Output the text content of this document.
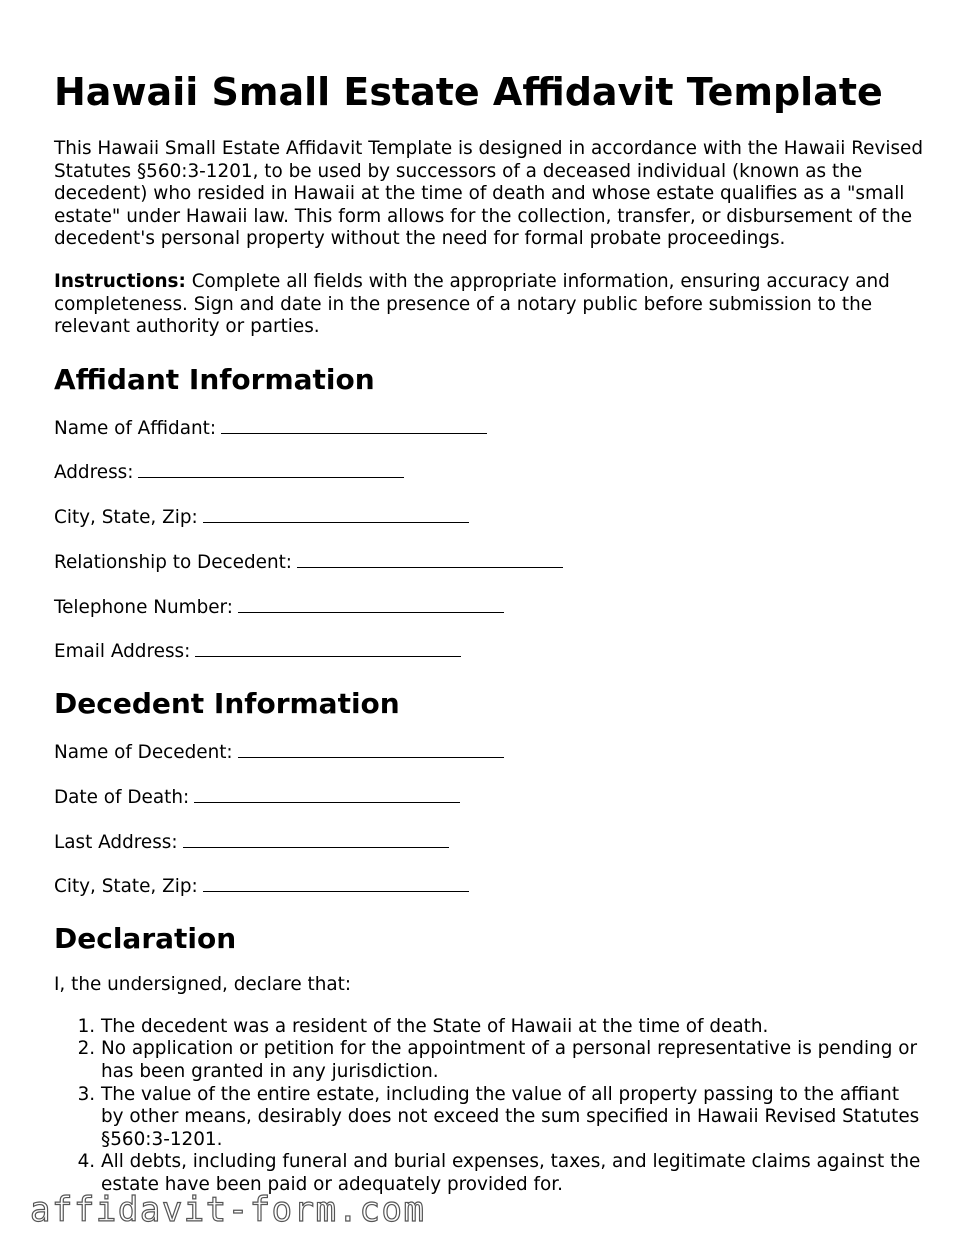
Hawaii Small Estate Affidavit Template

This Hawaii Small Estate Affidavit Template is designed in accordance with the Hawaii Revised Statutes §560:3-1201, to be used by successors of a deceased individual (known as the decedent) who resided in Hawaii at the time of death and whose estate qualifies as a "small estate" under Hawaii law. This form allows for the collection, transfer, or disbursement of the decedent's personal property without the need for formal probate proceedings.

Instructions: Complete all fields with the appropriate information, ensuring accuracy and completeness. Sign and date in the presence of a notary public before submission to the relevant authority or parties.

Affidant Information
Name of Affidant:
Address:
City, State, Zip:
Relationship to Decedent:
Telephone Number:
Email Address:
Decedent Information
Name of Decedent:
Date of Death:
Last Address:
City, State, Zip:
Declaration

I, the undersigned, declare that:

1. The decedent was a resident of the State of Hawaii at the time of death.
2. No application or petition for the appointment of a personal representative is pending or has been granted in any jurisdiction.
3. The value of the entire estate, including the value of all property passing to the affiant by other means, desirably does not exceed the sum specified in Hawaii Revised Statutes §560:3-1201.
4. All debts, including funeral and burial expenses, taxes, and legitimate claims against the estate have been paid or adequately provided for.
affidavit-form.com
